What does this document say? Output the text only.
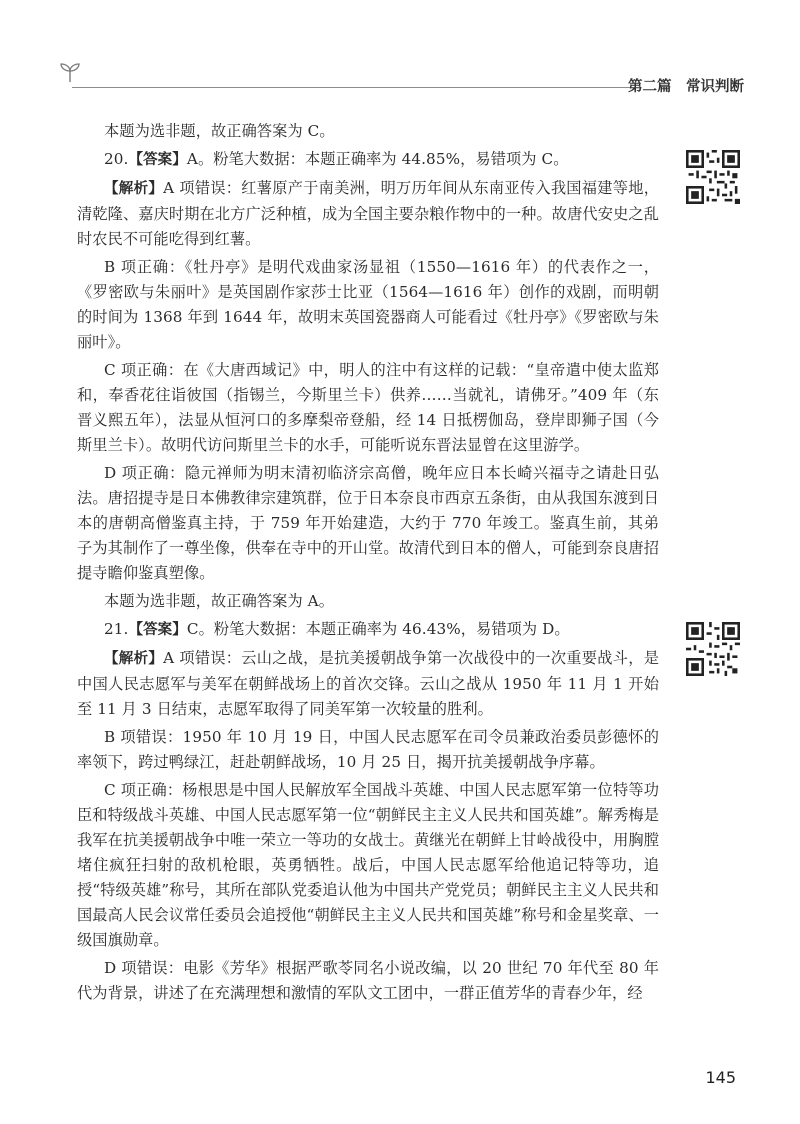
第二篇　常识判断

本题为选非题，故正确答案为 C。

20.【答案】A。粉笔大数据：本题正确率为 44.85%，易错项为 C。

【解析】A 项错误：红薯原产于南美洲，明万历年间从东南亚传入我国福建等地，清乾隆、嘉庆时期在北方广泛种植，成为全国主要杂粮作物中的一种。故唐代安史之乱时农民不可能吃得到红薯。

B 项正确：《牡丹亭》是明代戏曲家汤显祖（1550—1616 年）的代表作之一，《罗密欧与朱丽叶》是英国剧作家莎士比亚（1564—1616 年）创作的戏剧，而明朝的时间为 1368 年到 1644 年，故明末英国瓷器商人可能看过《牡丹亭》《罗密欧与朱丽叶》。

C 项正确：在《大唐西域记》中，明人的注中有这样的记载：“皇帝遣中使太监郑和，奉香花往诣彼国（指锡兰，今斯里兰卡）供养……当就礼，请佛牙。”409 年（东晋义熙五年），法显从恒河口的多摩梨帝登船，经 14 日抵楞伽岛，登岸即狮子国（今斯里兰卡）。故明代访问斯里兰卡的水手，可能听说东晋法显曾在这里游学。

D 项正确：隐元禅师为明末清初临济宗高僧，晚年应日本长崎兴福寺之请赴日弘法。唐招提寺是日本佛教律宗建筑群，位于日本奈良市西京五条街，由从我国东渡到日本的唐朝高僧鉴真主持，于 759 年开始建造，大约于 770 年竣工。鉴真生前，其弟子为其制作了一尊坐像，供奉在寺中的开山堂。故清代到日本的僧人，可能到奈良唐招提寺瞻仰鉴真塑像。

本题为选非题，故正确答案为 A。

21.【答案】C。粉笔大数据：本题正确率为 46.43%，易错项为 D。

【解析】A 项错误：云山之战，是抗美援朝战争第一次战役中的一次重要战斗，是中国人民志愿军与美军在朝鲜战场上的首次交锋。云山之战从 1950 年 11 月 1 开始至 11 月 3 日结束，志愿军取得了同美军第一次较量的胜利。

B 项错误：1950 年 10 月 19 日，中国人民志愿军在司令员兼政治委员彭德怀的率领下，跨过鸭绿江，赶赴朝鲜战场，10 月 25 日，揭开抗美援朝战争序幕。

C 项正确：杨根思是中国人民解放军全国战斗英雄、中国人民志愿军第一位特等功臣和特级战斗英雄、中国人民志愿军第一位“朝鲜民主主义人民共和国英雄”。解秀梅是我军在抗美援朝战争中唯一荣立一等功的女战士。黄继光在朝鲜上甘岭战役中，用胸膛堵住疯狂扫射的敌机枪眼，英勇牺牲。战后，中国人民志愿军给他追记特等功，追授“特级英雄”称号，其所在部队党委追认他为中国共产党党员；朝鲜民主主义人民共和国最高人民会议常任委员会追授他“朝鲜民主主义人民共和国英雄”称号和金星奖章、一级国旗勋章。

D 项错误：电影《芳华》根据严歌苓同名小说改编，以 20 世纪 70 年代至 80 年代为背景，讲述了在充满理想和激情的军队文工团中，一群正值芳华的青春少年，经

145
